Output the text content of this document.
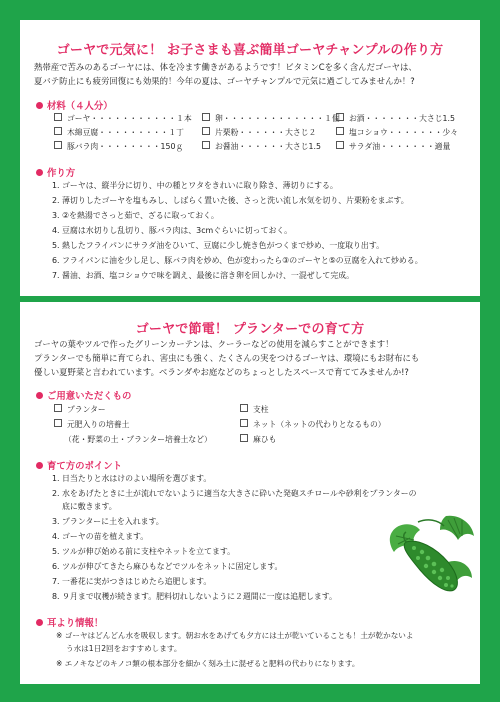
ゴーヤで元気に！ お子さまも喜ぶ簡単ゴーヤチャンプルの作り方
熱帯産で苦みのあるゴーヤには、体を冷ます働きがあるようです！ビタミンCを多く含んだゴーヤは、
夏バテ防止にも疲労回復にも効果的！今年の夏は、ゴーヤチャンプルで元気に過ごしてみませんか！?
材料（４人分）
ゴーヤ・・・・・・・・・・・１本	卵・・・・・・・・・・・・・１個	お酒・・・・・・・大さじ1.5
木綿豆腐・・・・・・・・・１丁	片栗粉・・・・・・大さじ２	塩コショウ・・・・・・・少々
豚バラ肉・・・・・・・・150ｇ	お醤油・・・・・・大さじ1.5	サラダ油・・・・・・・適量
作り方
1. ゴーヤは、縦半分に切り、中の種とワタをきれいに取り除き、薄切りにする。
2. 薄切りしたゴーヤを塩もみし、しばらく置いた後、さっと洗い流し水気を切り、片栗粉をまぶす。
3. ②を熱湯でさっと茹で、ざるに取っておく。
4. 豆腐は水切りし乱切り、豚バラ肉は、3cmぐらいに切っておく。
5. 熱したフライパンにサラダ油をひいて、豆腐に少し焼き色がつくまで炒め、一度取り出す。
6. フライパンに油を少し足し、豚バラ肉を炒め、色が変わったら③のゴーヤと⑤の豆腐を入れて炒める。
7. 醤油、お酒、塩コショウで味を調え、最後に溶き卵を回しかけ、一混ぜして完成。
ゴーヤで節電！ プランターでの育て方
ゴーヤの葉やツルで作ったグリーンカーテンは、クーラーなどの使用を減らすことができます！
プランターでも簡単に育てられ、害虫にも強く、たくさんの実をつけるゴーヤは、環境にもお財布にも
優しい夏野菜と言われています。ベランダやお庭などのちょっとしたスペースで育ててみませんか!?
ご用意いただくもの
プランター
元肥入りの培養土
（花・野菜の土・プランター培養土など）
支柱
ネット（ネットの代わりとなるもの）
麻ひも
育て方のポイント
1. 日当たりと水はけのよい場所を選びます。
2. 水をあげたときに土が流れでないように適当な大きさに砕いた発砲スチロールや砂利をプランターの
底に敷きます。
3. プランターに土を入れます。
4. ゴーヤの苗を植えます。
5. ツルが伸び始める前に支柱やネットを立てます。
6. ツルが伸びてきたら麻ひもなどでツルをネットに固定します。
7. 一番花に実がつきはじめたら追肥します。
8. ９月まで収穫が続きます。肥料切れしないように２週間に一度は追肥します。
耳より情報！
※ ゴーヤはどんどん水を吸収します。朝お水をあげても夕方には土が乾いていることも！土が乾かないよ
う水は1日2回をおすすめします。
※ エノキなどのキノコ類の根本部分を細かく刻み土に混ぜると肥料の代わりになります。
